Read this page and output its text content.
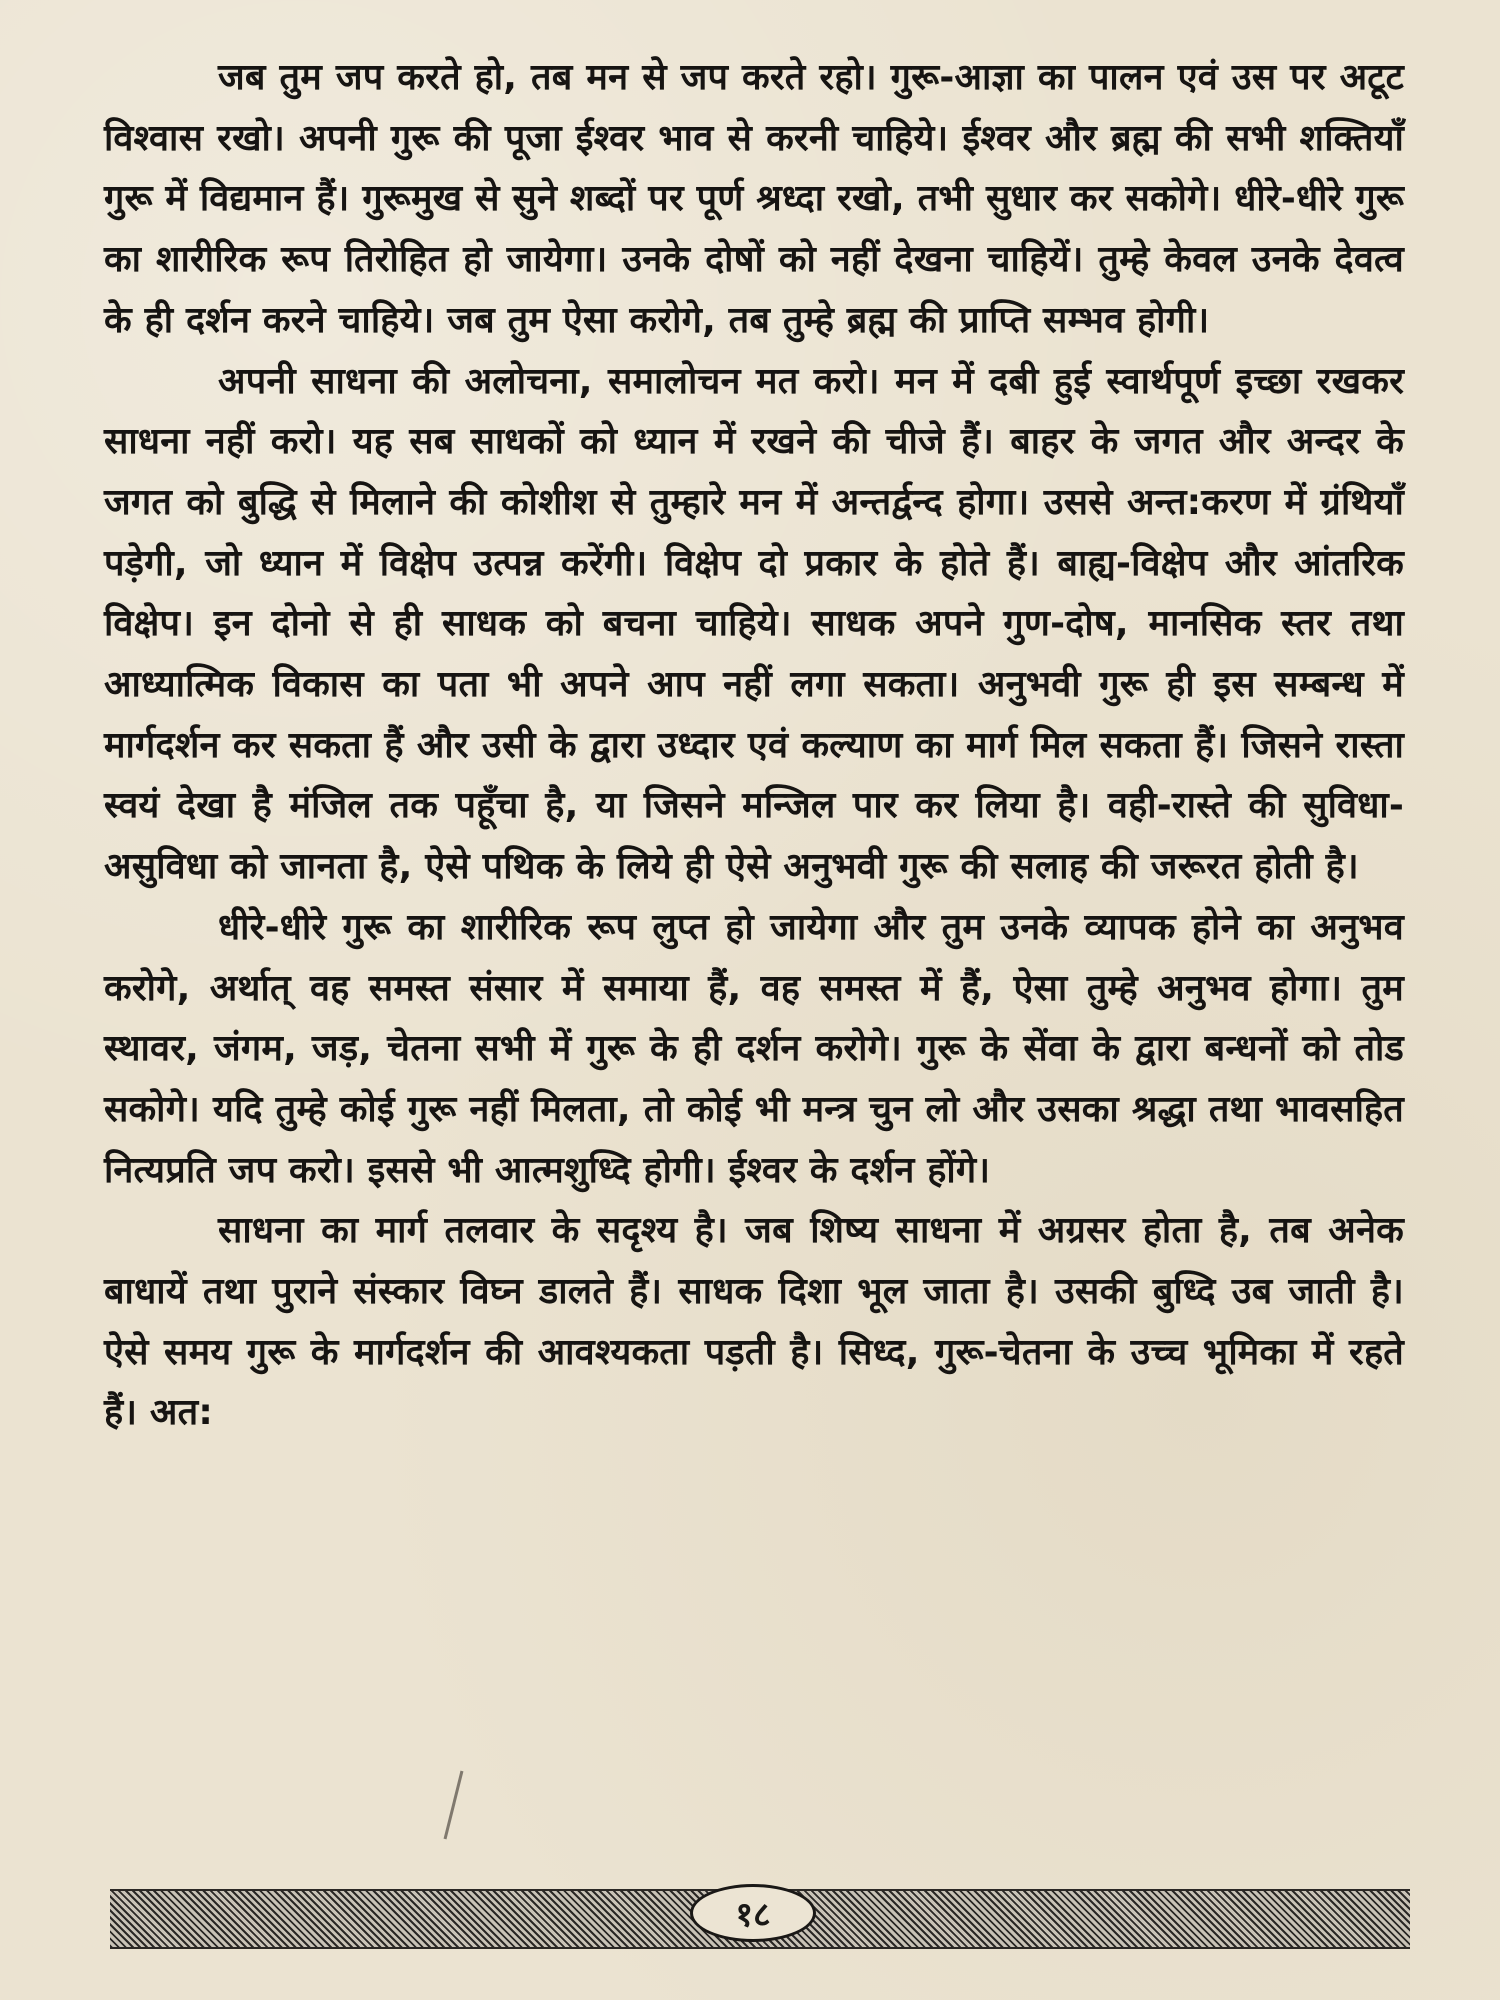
जब तुम जप करते हो, तब मन से जप करते रहो। गुरू-आज्ञा का पालन एवं उस पर अटूट विश्वास रखो। अपनी गुरू की पूजा ईश्वर भाव से करनी चाहिये। ईश्वर और ब्रह्म की सभी शक्तियाँ गुरू में विद्यमान हैं। गुरूमुख से सुने शब्दों पर पूर्ण श्रध्दा रखो, तभी सुधार कर सकोगे। धीरे-धीरे गुरू का शारीरिक रूप तिरोहित हो जायेगा। उनके दोषों को नहीं देखना चाहियें। तुम्हे केवल उनके देवत्व के ही दर्शन करने चाहिये। जब तुम ऐसा करोगे, तब तुम्हे ब्रह्म की प्राप्ति सम्भव होगी।

अपनी साधना की अलोचना, समालोचन मत करो। मन में दबी हुई स्वार्थपूर्ण इच्छा रखकर साधना नहीं करो। यह सब साधकों को ध्यान में रखने की चीजे हैं। बाहर के जगत और अन्दर के जगत को बुद्धि से मिलाने की कोशीश से तुम्हारे मन में अन्तर्द्वन्द होगा। उससे अन्त:करण में ग्रंथियाँ पड़ेगी, जो ध्यान में विक्षेप उत्पन्न करेंगी। विक्षेप दो प्रकार के होते हैं। बाह्य-विक्षेप और आंतरिक विक्षेप। इन दोनो से ही साधक को बचना चाहिये। साधक अपने गुण-दोष, मानसिक स्तर तथा आध्यात्मिक विकास का पता भी अपने आप नहीं लगा सकता। अनुभवी गुरू ही इस सम्बन्ध में मार्गदर्शन कर सकता हैं और उसी के द्वारा उध्दार एवं कल्याण का मार्ग मिल सकता हैं। जिसने रास्ता स्वयं देखा है मंजिल तक पहूँचा है, या जिसने मन्जिल पार कर लिया है। वही-रास्ते की सुविधा-असुविधा को जानता है, ऐसे पथिक के लिये ही ऐसे अनुभवी गुरू की सलाह की जरूरत होती है।

धीरे-धीरे गुरू का शारीरिक रूप लुप्त हो जायेगा और तुम उनके व्यापक होने का अनुभव करोगे, अर्थात् वह समस्त संसार में समाया हैं, वह समस्त में हैं, ऐसा तुम्हे अनुभव होगा। तुम स्थावर, जंगम, जड़, चेतना सभी में गुरू के ही दर्शन करोगे। गुरू के सेंवा के द्वारा बन्धनों को तोड सकोगे। यदि तुम्हे कोई गुरू नहीं मिलता, तो कोई भी मन्त्र चुन लो और उसका श्रद्धा तथा भावसहित नित्यप्रति जप करो। इससे भी आत्मशुध्दि होगी। ईश्वर के दर्शन होंगे।

साधना का मार्ग तलवार के सदृश्य है। जब शिष्य साधना में अग्रसर होता है, तब अनेक बाधायें तथा पुराने संस्कार विघ्न डालते हैं। साधक दिशा भूल जाता है। उसकी बुध्दि उब जाती है। ऐसे समय गुरू के मार्गदर्शन की आवश्यकता पड़ती है। सिध्द, गुरू-चेतना के उच्च भूमिका में रहते हैं। अत:

१८
